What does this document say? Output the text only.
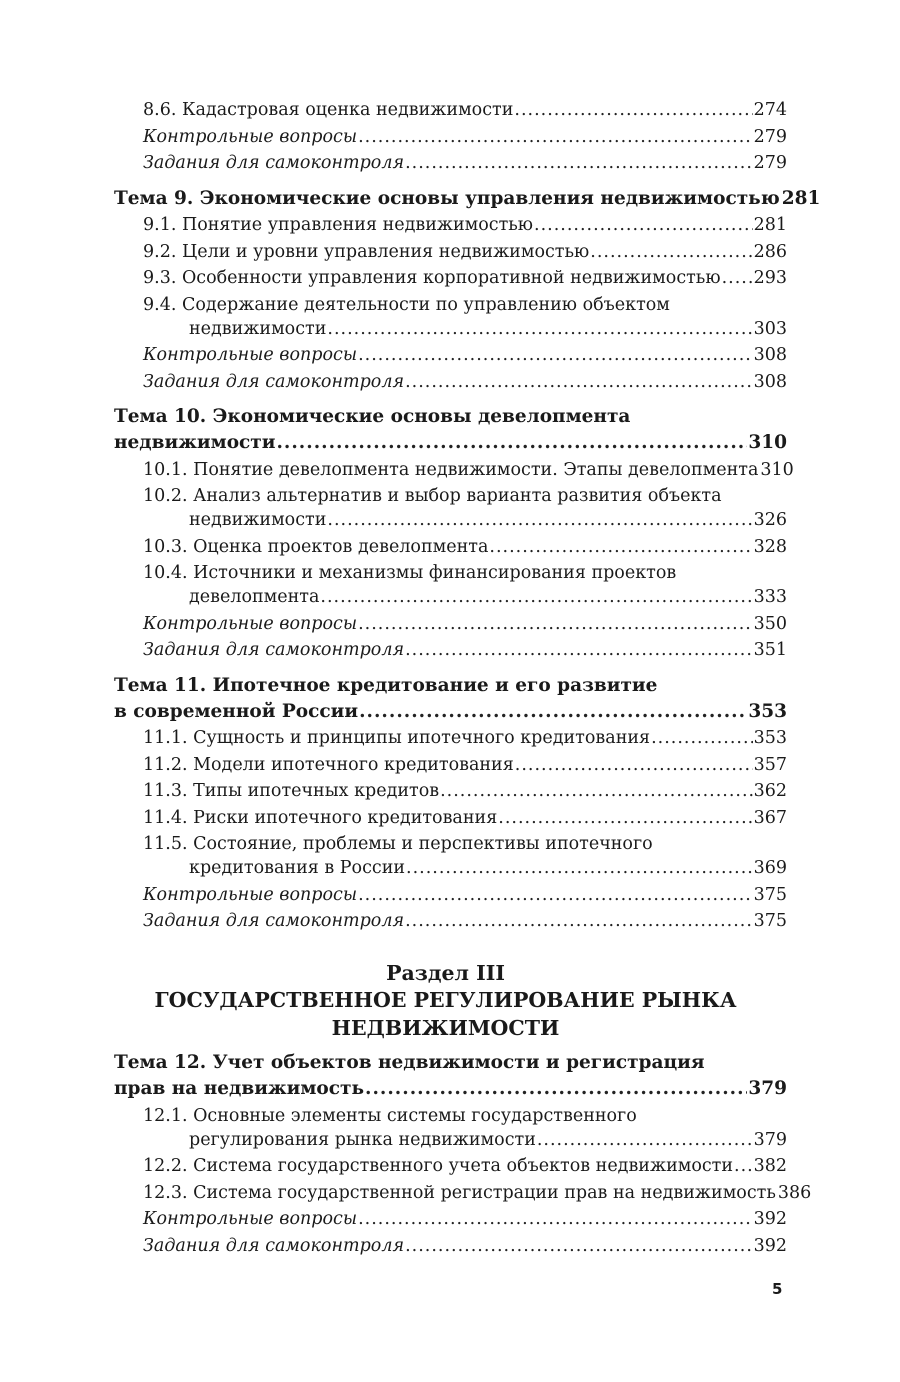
8.6. Кадастровая оценка недвижимости .....	274
Контрольные вопросы .....	279
Задания для самоконтроля .....	279
Тема 9. Экономические основы управления недвижимостью 281
9.1. Понятие управления недвижимостью .....	281
9.2. Цели и уровни управления недвижимостью .....	286
9.3. Особенности управления корпоративной недвижимостью ..... 293
9.4. Содержание деятельности по управлению объектом
недвижимости .....	303
Контрольные вопросы .....	308
Задания для самоконтроля .....	308
Тема 10. Экономические основы девелопмента
недвижимости .....	310
10.1. Понятие девелопмента недвижимости. Этапы девелопмента 310
10.2. Анализ альтернатив и выбор варианта развития объекта
недвижимости .....	326
10.3. Оценка проектов девелопмента .....	328
10.4. Источники и механизмы финансирования проектов
девелопмента .....	333
Контрольные вопросы .....	350
Задания для самоконтроля .....	351
Тема 11. Ипотечное кредитование и его развитие
в современной России .....	353
11.1. Сущность и принципы ипотечного кредитования .....	353
11.2. Модели ипотечного кредитования .....	357
11.3. Типы ипотечных кредитов .....	362
11.4. Риски ипотечного кредитования .....	367
11.5. Состояние, проблемы и перспективы ипотечного
кредитования в России .....	369
Контрольные вопросы .....	375
Задания для самоконтроля .....	375
Раздел III
ГОСУДАРСТВЕННОЕ РЕГУЛИРОВАНИЕ РЫНКА
НЕДВИЖИМОСТИ
Тема 12. Учет объектов недвижимости и регистрация
прав на недвижимость .....	379
12.1. Основные элементы системы государственного
регулирования рынка недвижимости .....	379
12.2. Система государственного учета объектов недвижимости ..... 382
12.3. Система государственной регистрации прав на недвижимость 386
Контрольные вопросы .....	392
Задания для самоконтроля .....	392
5
